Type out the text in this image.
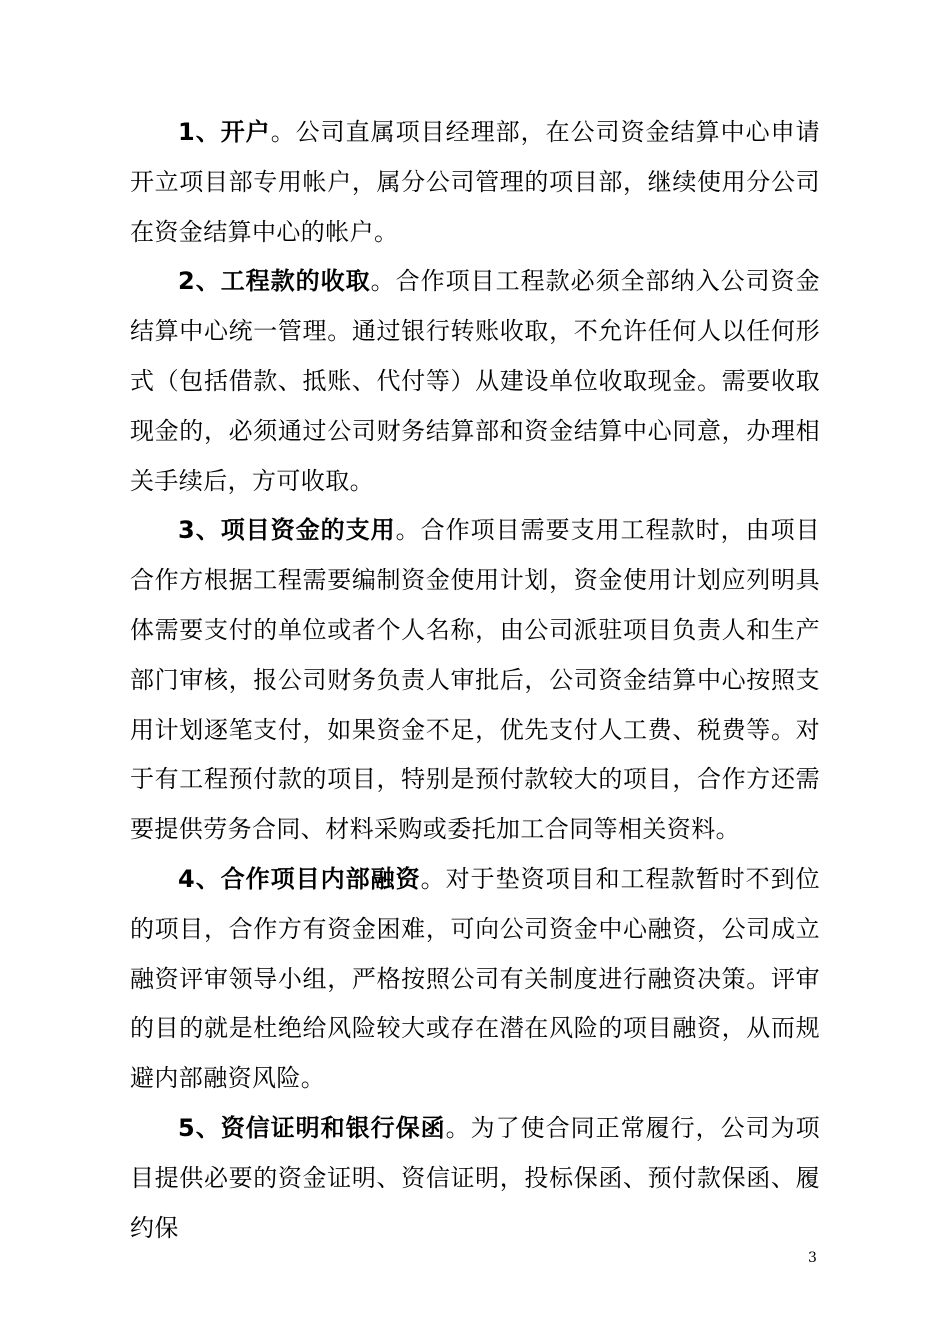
1、开户。公司直属项目经理部，在公司资金结算中心申请开立项目部专用帐户，属分公司管理的项目部，继续使用分公司在资金结算中心的帐户。

2、工程款的收取。合作项目工程款必须全部纳入公司资金结算中心统一管理。通过银行转账收取，不允许任何人以任何形式（包括借款、抵账、代付等）从建设单位收取现金。需要收取现金的，必须通过公司财务结算部和资金结算中心同意，办理相关手续后，方可收取。

3、项目资金的支用。合作项目需要支用工程款时，由项目合作方根据工程需要编制资金使用计划，资金使用计划应列明具体需要支付的单位或者个人名称，由公司派驻项目负责人和生产部门审核，报公司财务负责人审批后，公司资金结算中心按照支用计划逐笔支付，如果资金不足，优先支付人工费、税费等。对于有工程预付款的项目，特别是预付款较大的项目，合作方还需要提供劳务合同、材料采购或委托加工合同等相关资料。

4、合作项目内部融资。对于垫资项目和工程款暂时不到位的项目，合作方有资金困难，可向公司资金中心融资，公司成立融资评审领导小组，严格按照公司有关制度进行融资决策。评审的目的就是杜绝给风险较大或存在潜在风险的项目融资，从而规避内部融资风险。

5、资信证明和银行保函。为了使合同正常履行，公司为项目提供必要的资金证明、资信证明，投标保函、预付款保函、履约保

3
